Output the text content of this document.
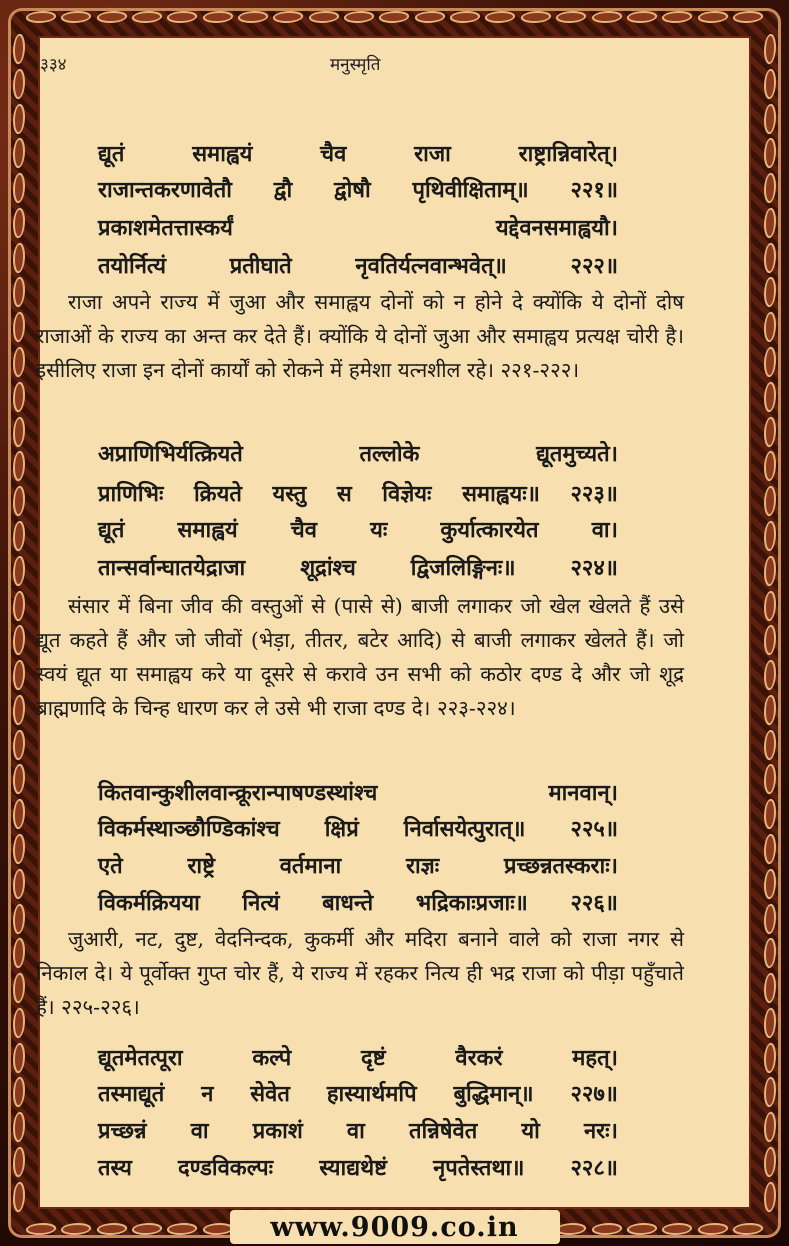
३३४	मनुस्मृति
द्यूतं	समाह्वयं	चैव	राजा	राष्ट्रान्निवारेत्।
राजान्तकरणावेतौ द्वौ द्वोषौ पृथिवीक्षिताम्॥ २२१॥
प्रकाशमेतत्तास्कर्यं	यद्देवनसमाह्वयौ।
तयोर्नित्यं	प्रतीघाते	नृवतिर्यत्नवान्भवेत्॥	२२२॥
राजा अपने राज्य में जुआ और समाह्वय दोनों को न होने दे क्योंकि ये दोनों दोष राजाओं के राज्य का अन्त कर देते हैं। क्योंकि ये दोनों जुआ और समाह्वय प्रत्यक्ष चोरी है। इसीलिए राजा इन दोनों कार्यों को रोकने में हमेशा यत्नशील रहे। २२१-२२२।
अप्राणिभिर्यत्क्रियते	तल्लोके	द्यूतमुच्यते।
प्राणिभिः क्रियते यस्तु स विज्ञेयः समाह्वयः॥ २२३॥
द्यूतं समाह्वयं चैव यः कुर्यात्कारयेत वा।
तान्सर्वान्घातयेद्राजा शूद्रांश्च द्विजलिङ्गिनः॥ २२४॥
संसार में बिना जीव की वस्तुओं से (पासे से) बाजी लगाकर जो खेल खेलते हैं उसे द्यूत कहते हैं और जो जीवों (भेड़ा, तीतर, बटेर आदि) से बाजी लगाकर खेलते हैं। जो स्वयं द्यूत या समाह्वय करे या दूसरे से करावे उन सभी को कठोर दण्ड दे और जो शूद्र ब्राह्मणादि के चिन्ह धारण कर ले उसे भी राजा दण्ड दे। २२३-२२४।
कितवान्कुशीलवान्क्रूरान्पाषण्डस्थांश्च	मानवान्।
विकर्मस्थाञ्छौण्डिकांश्च क्षिप्रं निर्वासयेत्पुरात्॥ २२५॥
एते	राष्ट्रे	वर्तमाना	राज्ञः	प्रच्छन्नतस्कराः।
विकर्मक्रियया नित्यं बाधन्ते भद्रिकाःप्रजाः॥ २२६॥
जुआरी, नट, दुष्ट, वेदनिन्दक, कुकर्मी और मदिरा बनाने वाले को राजा नगर से निकाल दे। ये पूर्वोक्त गुप्त चोर हैं, ये राज्य में रहकर नित्य ही भद्र राजा को पीड़ा पहुँचाते हैं। २२५-२२६।
द्यूतमेतत्पूरा	कल्पे	दृष्टं	वैरकरं	महत्।
तस्माद्यूतं न सेवेत हास्यार्थमपि बुद्धिमान्॥ २२७॥
प्रच्छन्नं वा प्रकाशं वा तन्निषेवेत यो नरः।
तस्य दण्डविकल्पः स्याद्यथेष्टं नृपतेस्तथा॥ २२८॥
www.9009.co.in
